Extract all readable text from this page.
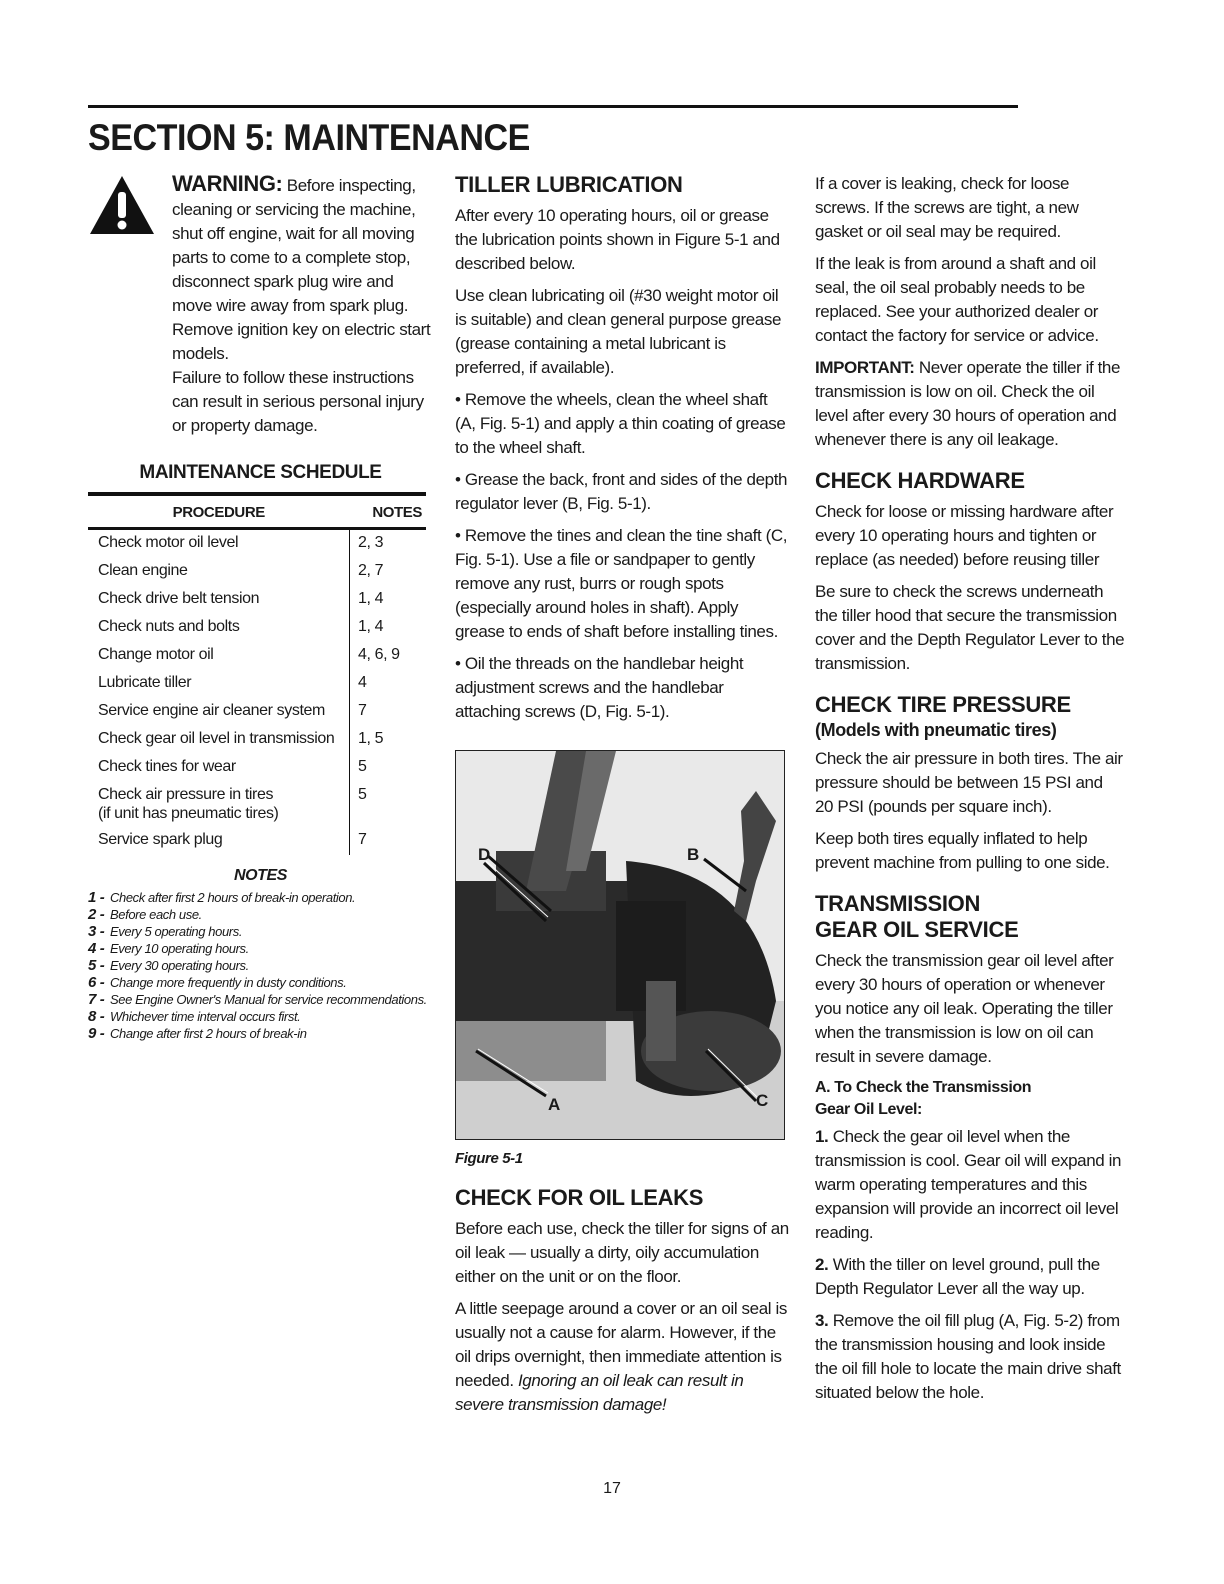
SECTION 5: MAINTENANCE

WARNING: Before inspecting, cleaning or servicing the machine, shut off engine, wait for all moving parts to come to a complete stop, disconnect spark plug wire and move wire away from spark plug. Remove ignition key on electric start models.

Failure to follow these instructions can result in serious personal injury or property damage.

MAINTENANCE SCHEDULE
PROCEDURE	NOTES
Check motor oil level	2, 3
Clean engine	2, 7
Check drive belt tension	1, 4
Check nuts and bolts	1, 4
Change motor oil	4, 6, 9
Lubricate tiller	4
Service engine air cleaner system	7
Check gear oil level in transmission	1, 5
Check tines for wear	5
Check air pressure in tires
(if unit has pneumatic tires)	5
Service spark plug	7
NOTES
1 - Check after first 2 hours of break-in operation.
2 - Before each use.
3 - Every 5 operating hours.
4 - Every 10 operating hours.
5 - Every 30 operating hours.
6 - Change more frequently in dusty conditions.
7 - See Engine Owner's Manual for service recommendations.
8 - Whichever time interval occurs first.
9 - Change after first 2 hours of break-in
TILLER LUBRICATION

After every 10 operating hours, oil or grease the lubrication points shown in Figure 5-1 and described below.

Use clean lubricating oil (#30 weight motor oil is suitable) and clean general purpose grease (grease containing a metal lubricant is preferred, if available).

• Remove the wheels, clean the wheel shaft (A, Fig. 5-1) and apply a thin coating of grease to the wheel shaft.

• Grease the back, front and sides of the depth regulator lever (B, Fig. 5-1).

• Remove the tines and clean the tine shaft (C, Fig. 5-1). Use a file or sandpaper to gently remove any rust, burrs or rough spots (especially around holes in shaft). Apply grease to ends of shaft before installing tines.

• Oil the threads on the handlebar height adjustment screws and the handlebar attaching screws (D, Fig. 5-1).

D	B
A	C
Figure 5-1
CHECK FOR OIL LEAKS

Before each use, check the tiller for signs of an oil leak — usually a dirty, oily accumulation either on the unit or on the floor.

A little seepage around a cover or an oil seal is usually not a cause for alarm. However, if the oil drips overnight, then immediate attention is needed. Ignoring an oil leak can result in severe transmission damage!

If a cover is leaking, check for loose screws. If the screws are tight, a new gasket or oil seal may be required.

If the leak is from around a shaft and oil seal, the oil seal probably needs to be replaced. See your authorized dealer or contact the factory for service or advice.

IMPORTANT: Never operate the tiller if the transmission is low on oil. Check the oil level after every 30 hours of operation and whenever there is any oil leakage.

CHECK HARDWARE

Check for loose or missing hardware after every 10 operating hours and tighten or replace (as needed) before reusing tiller

Be sure to check the screws underneath the tiller hood that secure the transmission cover and the Depth Regulator Lever to the transmission.

CHECK TIRE PRESSURE
(Models with pneumatic tires)

Check the air pressure in both tires. The air pressure should be between 15 PSI and 20 PSI (pounds per square inch).

Keep both tires equally inflated to help prevent machine from pulling to one side.

TRANSMISSION
GEAR OIL SERVICE

Check the transmission gear oil level after every 30 hours of operation or whenever you notice any oil leak. Operating the tiller when the transmission is low on oil can result in severe damage.

A. To Check the Transmission
Gear Oil Level:

1. Check the gear oil level when the transmission is cool. Gear oil will expand in warm operating temperatures and this expansion will provide an incorrect oil level reading.

2. With the tiller on level ground, pull the Depth Regulator Lever all the way up.

3. Remove the oil fill plug (A, Fig. 5-2) from the transmission housing and look inside the oil fill hole to locate the main drive shaft situated below the hole.

17
